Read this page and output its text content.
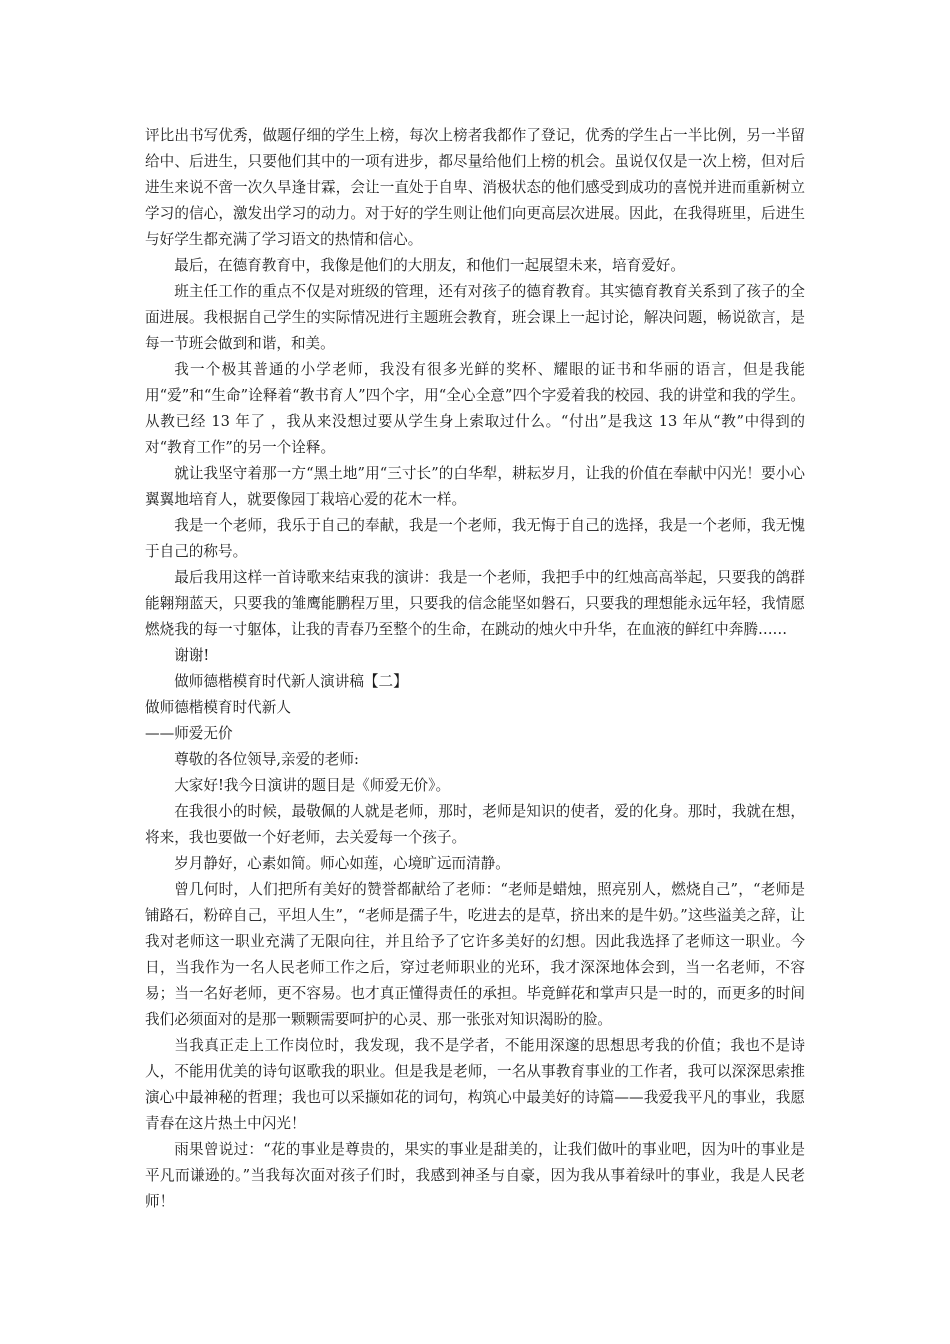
评比出书写优秀，做题仔细的学生上榜，每次上榜者我都作了登记，优秀的学生占一半比例，另一半留给中、后进生，只要他们其中的一项有进步，都尽量给他们上榜的机会。虽说仅仅是一次上榜，但对后进生来说不啻一次久旱逢甘霖，会让一直处于自卑、消极状态的他们感受到成功的喜悦并进而重新树立学习的信心，激发出学习的动力。对于好的学生则让他们向更高层次进展。因此，在我得班里，后进生与好学生都充满了学习语文的热情和信心。

最后，在德育教育中，我像是他们的大朋友，和他们一起展望未来，培育爱好。

班主任工作的重点不仅是对班级的管理，还有对孩子的德育教育。其实德育教育关系到了孩子的全面进展。我根据自己学生的实际情况进行主题班会教育，班会课上一起讨论，解决问题，畅说欲言，是每一节班会做到和谐，和美。

我一个极其普通的小学老师，我没有很多光鲜的奖杯、耀眼的证书和华丽的语言，但是我能用“爱”和“生命”诠释着“教书育人”四个字，用“全心全意”四个字爱着我的校园、我的讲堂和我的学生。从教已经 13 年了 ，我从来没想过要从学生身上索取过什么。“付出”是我这 13 年从“教”中得到的对“教育工作”的另一个诠释。

就让我坚守着那一方“黑土地”用“三寸长”的白华犁，耕耘岁月，让我的价值在奉献中闪光！要小心翼翼地培育人，就要像园丁栽培心爱的花木一样。

我是一个老师，我乐于自己的奉献，我是一个老师，我无悔于自己的选择，我是一个老师，我无愧于自己的称号。

最后我用这样一首诗歌来结束我的演讲：我是一个老师，我把手中的红烛高高举起，只要我的鸽群能翱翔蓝天，只要我的雏鹰能鹏程万里，只要我的信念能坚如磐石，只要我的理想能永远年轻，我情愿燃烧我的每一寸躯体，让我的青春乃至整个的生命，在跳动的烛火中升华，在血液的鲜红中奔腾……

谢谢!

做师德楷模育时代新人演讲稿【二】

做师德楷模育时代新人

——师爱无价

尊敬的各位领导,亲爱的老师:

大家好!我今日演讲的题目是《师爱无价》。

在我很小的时候，最敬佩的人就是老师，那时，老师是知识的使者，爱的化身。那时，我就在想，将来，我也要做一个好老师，去关爱每一个孩子。

岁月静好，心素如简。师心如莲，心境旷远而清静。

曾几何时，人们把所有美好的赞誉都献给了老师：“老师是蜡烛，照亮别人，燃烧自己”，“老师是铺路石，粉碎自己，平坦人生”，“老师是孺子牛，吃进去的是草，挤出来的是牛奶。”这些溢美之辞，让我对老师这一职业充满了无限向往，并且给予了它许多美好的幻想。因此我选择了老师这一职业。今日，当我作为一名人民老师工作之后，穿过老师职业的光环，我才深深地体会到，当一名老师，不容易；当一名好老师，更不容易。也才真正懂得责任的承担。毕竟鲜花和掌声只是一时的，而更多的时间我们必须面对的是那一颗颗需要呵护的心灵、那一张张对知识渴盼的脸。

当我真正走上工作岗位时，我发现，我不是学者，不能用深邃的思想思考我的价值；我也不是诗人，不能用优美的诗句讴歌我的职业。但是我是老师，一名从事教育事业的工作者，我可以深深思索推演心中最神秘的哲理；我也可以采撷如花的词句，构筑心中最美好的诗篇——我爱我平凡的事业，我愿青春在这片热土中闪光！

雨果曾说过：“花的事业是尊贵的，果实的事业是甜美的，让我们做叶的事业吧，因为叶的事业是平凡而谦逊的。”当我每次面对孩子们时，我感到神圣与自豪，因为我从事着绿叶的事业，我是人民老师！
